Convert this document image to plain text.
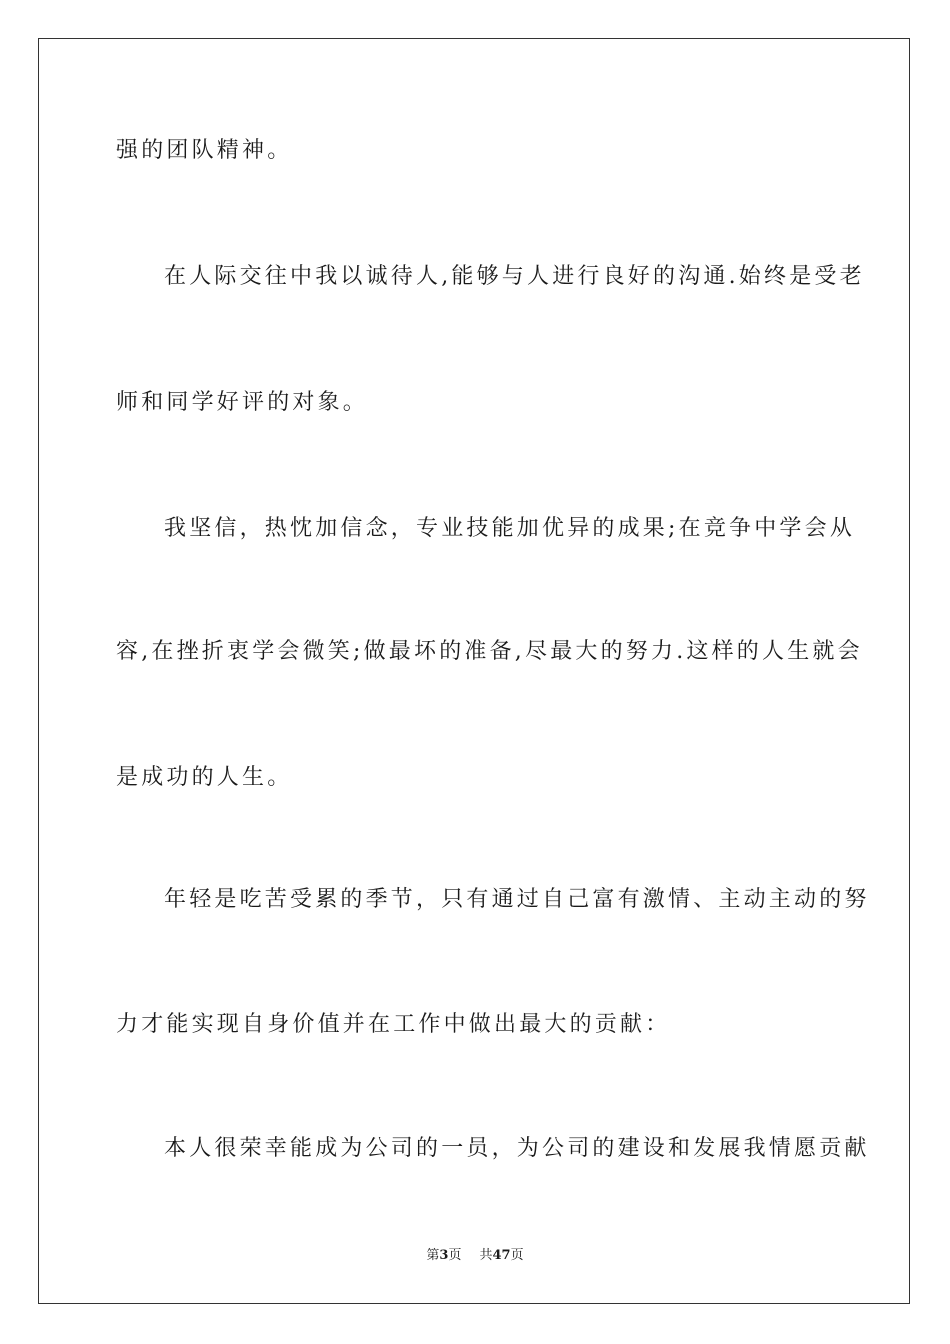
强的团队精神。
在人际交往中我以诚待人,能够与人进行良好的沟通.始终是受老
师和同学好评的对象。
我坚信，热忱加信念，专业技能加优异的成果;在竞争中学会从
容,在挫折衷学会微笑;做最坏的准备,尽最大的努力.这样的人生就会
是成功的人生。
年轻是吃苦受累的季节，只有通过自己富有激情、主动主动的努
力才能实现自身价值并在工作中做出最大的贡献：
本人很荣幸能成为公司的一员，为公司的建设和发展我情愿贡献
第3页 共47页
